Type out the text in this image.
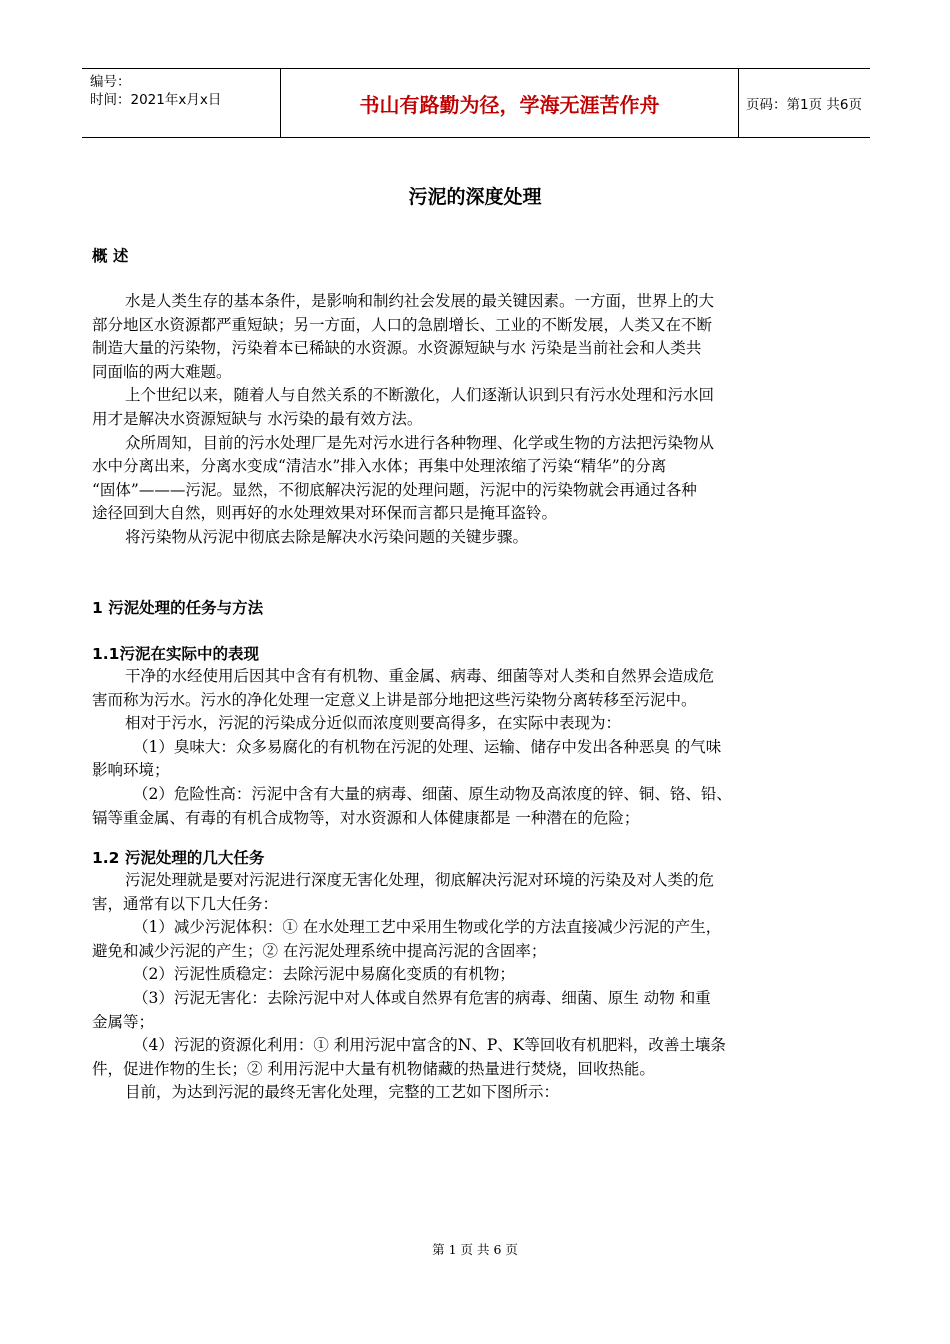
编号：
时间：2021年x月x日	书山有路勤为径，学海无涯苦作舟	页码：第1页 共6页
污泥的深度处理
概 述
水是人类生存的基本条件，是影响和制约社会发展的最关键因素。一方面，世界上的大
部分地区水资源都严重短缺；另一方面，人口的急剧增长、工业的不断发展，人类又在不断
制造大量的污染物，污染着本已稀缺的水资源。水资源短缺与水 污染是当前社会和人类共
同面临的两大难题。
上个世纪以来，随着人与自然关系的不断激化，人们逐渐认识到只有污水处理和污水回
用才是解决水资源短缺与 水污染的最有效方法。
众所周知，目前的污水处理厂是先对污水进行各种物理、化学或生物的方法把污染物从
水中分离出来，分离水变成“清洁水”排入水体；再集中处理浓缩了污染“精华”的分离
“固体”———污泥。显然，不彻底解决污泥的处理问题，污泥中的污染物就会再通过各种
途径回到大自然，则再好的水处理效果对环保而言都只是掩耳盗铃。
将污染物从污泥中彻底去除是解决水污染问题的关键步骤。
1 污泥处理的任务与方法
1.1污泥在实际中的表现
干净的水经使用后因其中含有有机物、重金属、病毒、细菌等对人类和自然界会造成危
害而称为污水。污水的净化处理一定意义上讲是部分地把这些污染物分离转移至污泥中。
相对于污水，污泥的污染成分近似而浓度则要高得多，在实际中表现为：
（1）臭味大：众多易腐化的有机物在污泥的处理、运输、储存中发出各种恶臭 的气味
影响环境；
（2）危险性高：污泥中含有大量的病毒、细菌、原生动物及高浓度的锌、铜、铬、铅、
镉等重金属、有毒的有机合成物等，对水资源和人体健康都是 一种潜在的危险；
1.2 污泥处理的几大任务
污泥处理就是要对污泥进行深度无害化处理，彻底解决污泥对环境的污染及对人类的危
害，通常有以下几大任务：
（1）减少污泥体积：① 在水处理工艺中采用生物或化学的方法直接减少污泥的产生，
避免和减少污泥的产生；② 在污泥处理系统中提高污泥的含固率；
（2）污泥性质稳定：去除污泥中易腐化变质的有机物；
（3）污泥无害化：去除污泥中对人体或自然界有危害的病毒、细菌、原生 动物 和重
金属等；
（4）污泥的资源化利用：① 利用污泥中富含的N、P、K等回收有机肥料，改善土壤条
件，促进作物的生长；② 利用污泥中大量有机物储藏的热量进行焚烧，回收热能。
目前，为达到污泥的最终无害化处理，完整的工艺如下图所示：
第 1 页 共 6 页
